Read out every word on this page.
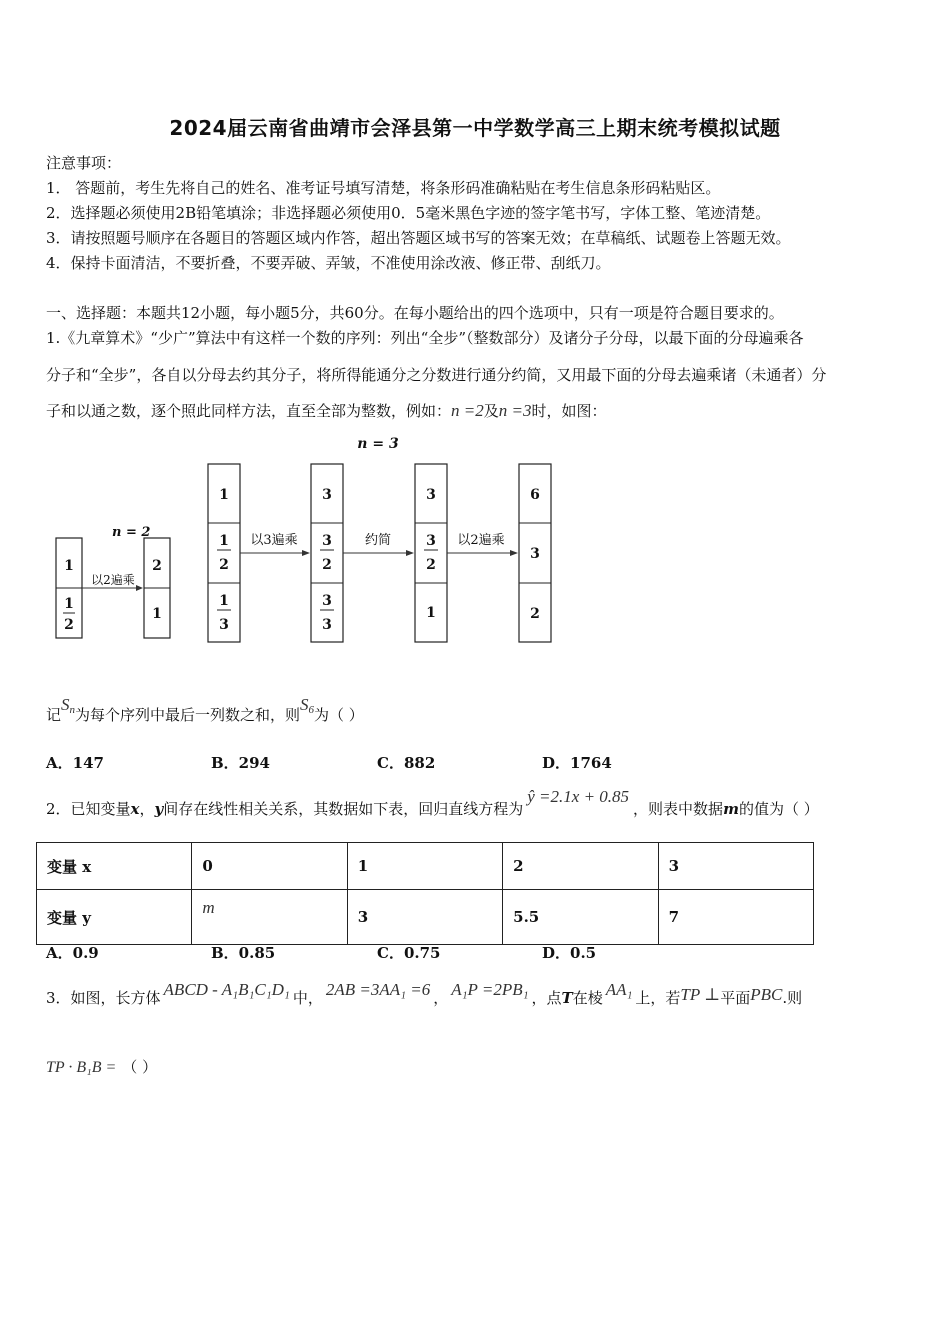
2024届云南省曲靖市会泽县第一中学数学高三上期末统考模拟试题
注意事项：
1． 答题前，考生先将自己的姓名、准考证号填写清楚，将条形码准确粘贴在考生信息条形码粘贴区。
2．选择题必须使用2B铅笔填涂；非选择题必须使用0．5毫米黑色字迹的签字笔书写，字体工整、笔迹清楚。
3．请按照题号顺序在各题目的答题区域内作答，超出答题区域书写的答案无效；在草稿纸、试题卷上答题无效。
4．保持卡面清洁，不要折叠，不要弄破、弄皱，不准使用涂改液、修正带、刮纸刀。
一、选择题：本题共12小题，每小题5分，共60分。在每小题给出的四个选项中，只有一项是符合题目要求的。
1.《九章算术》“少广”算法中有这样一个数的序列：列出“全步”（整数部分）及诸分子分母，以最下面的分母遍乘各
分子和“全步”，各自以分母去约其分子，将所得能通分之分数进行通分约简，又用最下面的分母去遍乘诸（未通者）分
子和以通之数，逐个照此同样方法，直至全部为整数，例如：n =2及n =3时，如图：
n = 2
1
1
2
以2遍乘
2
1
n = 3
1
1
2
1
3
以3遍乘
3
3
2
3
3
约简
3
3
2
1
以2遍乘
6
3
2
记$S_n$为每个序列中最后一列数之和，则$S_6$为（ ）
A．147	B．294	C．882	D．1764
2．已知变量x，y间存在线性相关关系，其数据如下表，回归直线方程为ŷ =2.1x + 0.85，则表中数据m的值为（ ）
变量 x	0	1	2	3
变量 y	m	3	5.5	7
A．0.9	B．0.85	C．0.75	D．0.5
3．如图，长方体 ABCD - A₁B₁C₁D₁ 中， 2AB =3AA₁ =6 ， A₁P =2PB₁ ，点T在棱 AA₁ 上，若TP ⊥平面PBC.则
TP · B₁B = （ ）
